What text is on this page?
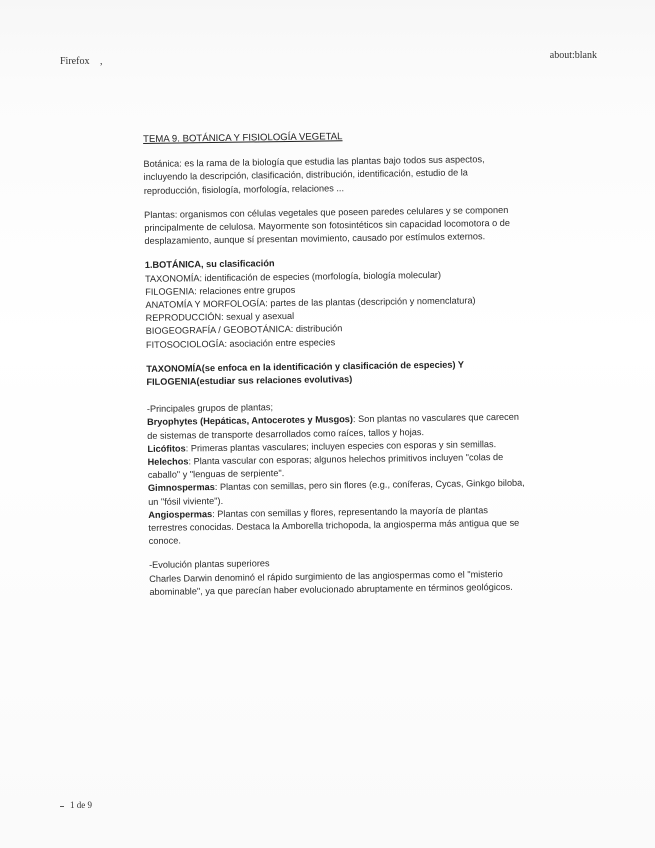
Firefox ,
about:blank
TEMA 9. BOTÁNICA Y FISIOLOGÍA VEGETAL

Botánica: es la rama de la biología que estudia las plantas bajo todos sus aspectos, incluyendo la descripción, clasificación, distribución, identificación, estudio de la reproducción, fisiología, morfología, relaciones ...

Plantas: organismos con células vegetales que poseen paredes celulares y se componen principalmente de celulosa. Mayormente son fotosintéticos sin capacidad locomotora o de desplazamiento, aunque sí presentan movimiento, causado por estímulos externos.

1.BOTÁNICA, su clasificación
TAXONOMÍA: identificación de especies (morfología, biología molecular)
FILOGENIA: relaciones entre grupos
ANATOMÍA Y MORFOLOGÍA: partes de las plantas (descripción y nomenclatura)
REPRODUCCIÓN: sexual y asexual
BIOGEOGRAFÍA / GEOBOTÁNICA: distribución
FITOSOCIOLOGÍA: asociación entre especies

TAXONOMÍA(se enfoca en la identificación y clasificación de especies) Y FILOGENIA(estudiar sus relaciones evolutivas)

-Principales grupos de plantas;
Bryophytes (Hepáticas, Antocerotes y Musgos): Son plantas no vasculares que carecen de sistemas de transporte desarrollados como raíces, tallos y hojas.
Licófitos: Primeras plantas vasculares; incluyen especies con esporas y sin semillas.
Helechos: Planta vascular con esporas; algunos helechos primitivos incluyen "colas de caballo" y "lenguas de serpiente".
Gimnospermas: Plantas con semillas, pero sin flores (e.g., coníferas, Cycas, Ginkgo biloba, un "fósil viviente").
Angiospermas: Plantas con semillas y flores, representando la mayoría de plantas terrestres conocidas. Destaca la Amborella trichopoda, la angiosperma más antigua que se conoce.
-Evolución plantas superiores
Charles Darwin denominó el rápido surgimiento de las angiospermas como el "misterio abominable", ya que parecían haber evolucionado abruptamente en términos geológicos.
1 de 9
